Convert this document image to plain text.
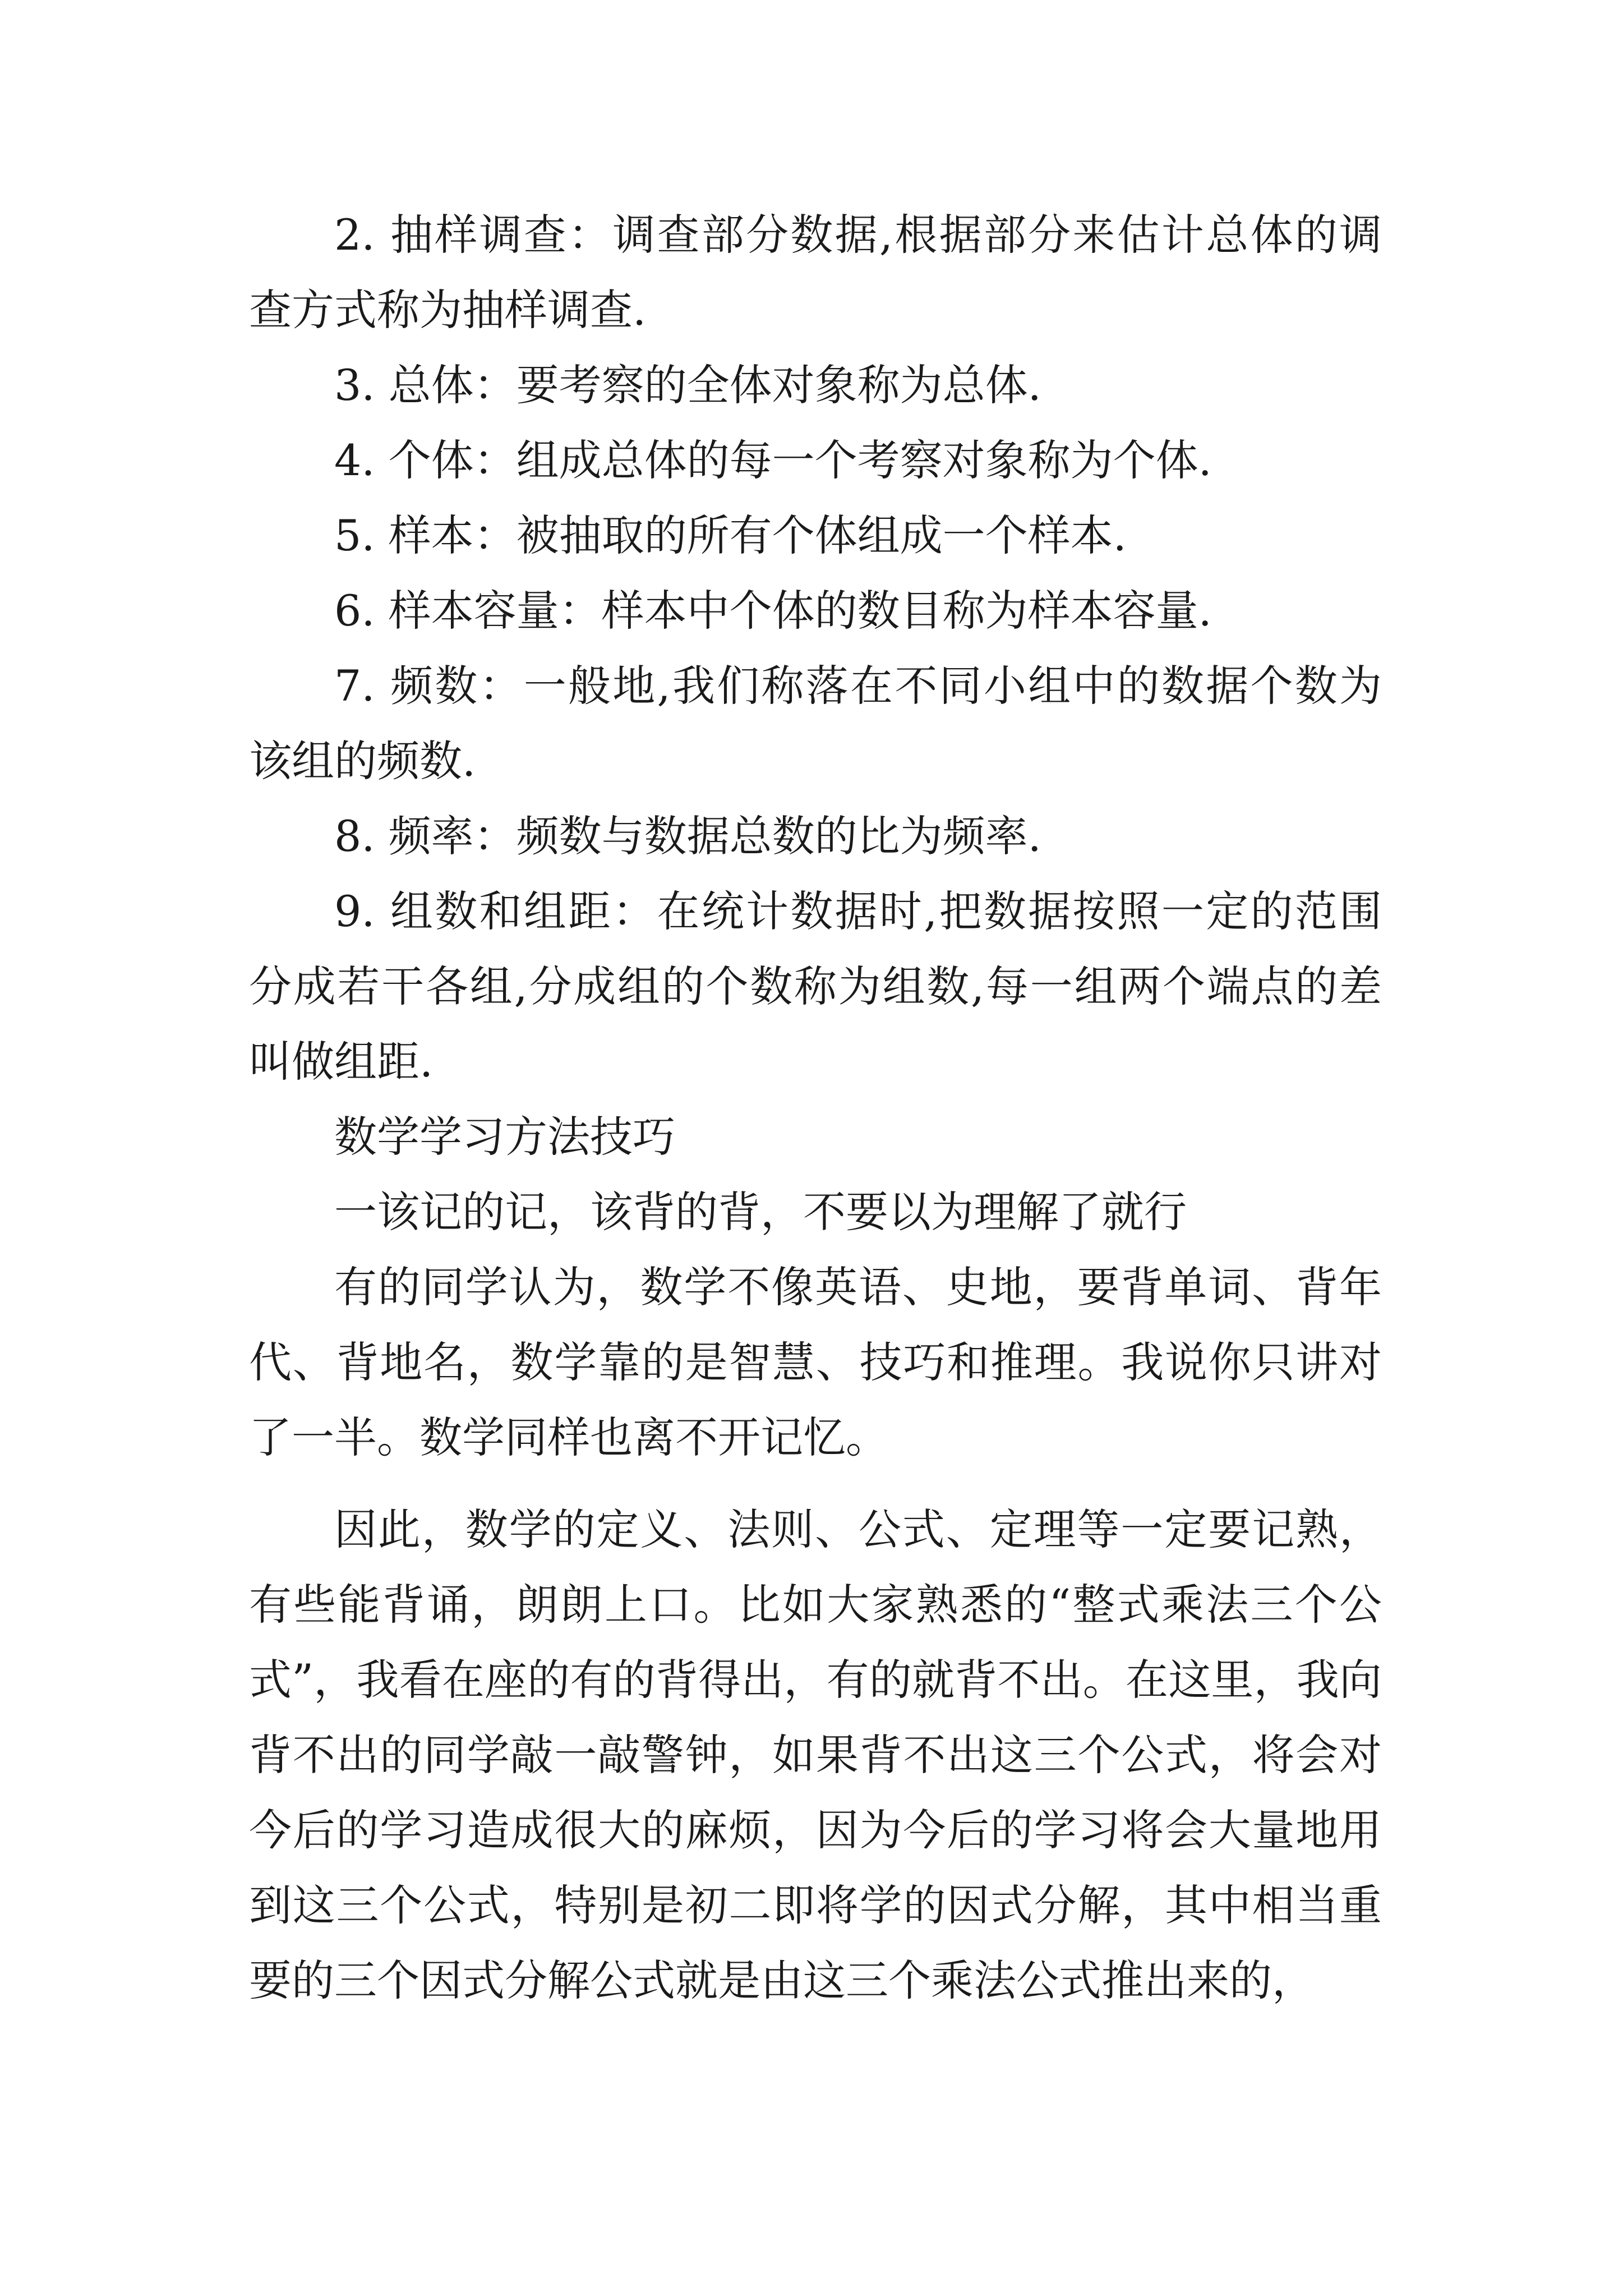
2. 抽样调查：调查部分数据,根据部分来估计总体的调查方式称为抽样调查.

3. 总体：要考察的全体对象称为总体.

4. 个体：组成总体的每一个考察对象称为个体.

5. 样本：被抽取的所有个体组成一个样本.

6. 样本容量：样本中个体的数目称为样本容量.

7. 频数：一般地,我们称落在不同小组中的数据个数为该组的频数.

8. 频率：频数与数据总数的比为频率.

9. 组数和组距：在统计数据时,把数据按照一定的范围分成若干各组,分成组的个数称为组数,每一组两个端点的差叫做组距.

数学学习方法技巧

一该记的记，该背的背，不要以为理解了就行

有的同学认为，数学不像英语、史地，要背单词、背年代、背地名，数学靠的是智慧、技巧和推理。我说你只讲对了一半。数学同样也离不开记忆。

因此，数学的定义、法则、公式、定理等一定要记熟，有些能背诵，朗朗上口。比如大家熟悉的“整式乘法三个公式”，我看在座的有的背得出，有的就背不出。在这里，我向背不出的同学敲一敲警钟，如果背不出这三个公式，将会对今后的学习造成很大的麻烦，因为今后的学习将会大量地用到这三个公式，特别是初二即将学的因式分解，其中相当重要的三个因式分解公式就是由这三个乘法公式推出来的，
